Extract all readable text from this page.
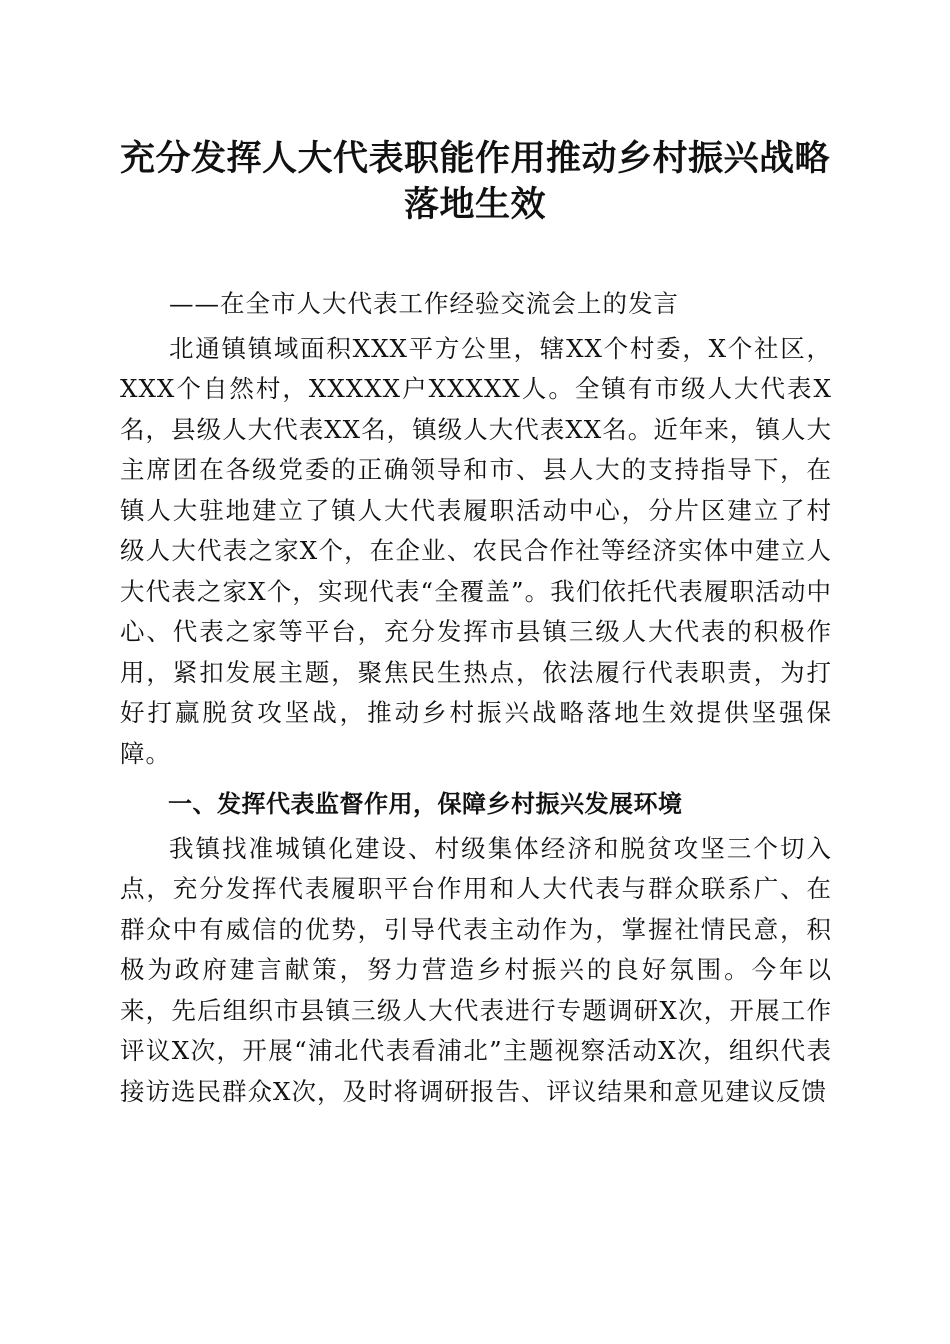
充分发挥人大代表职能作用推动乡村振兴战略
落地生效

——在全市人大代表工作经验交流会上的发言

北通镇镇域面积XXX平方公里，辖XX个村委，X个社区，XXX个自然村，XXXXX户XXXXX人。全镇有市级人大代表X名，县级人大代表XX名，镇级人大代表XX名。近年来，镇人大主席团在各级党委的正确领导和市、县人大的支持指导下，在镇人大驻地建立了镇人大代表履职活动中心，分片区建立了村级人大代表之家X个，在企业、农民合作社等经济实体中建立人大代表之家X个，实现代表“全覆盖”。我们依托代表履职活动中心、代表之家等平台，充分发挥市县镇三级人大代表的积极作用，紧扣发展主题，聚焦民生热点，依法履行代表职责，为打好打赢脱贫攻坚战，推动乡村振兴战略落地生效提供坚强保障。

一、发挥代表监督作用，保障乡村振兴发展环境

我镇找准城镇化建设、村级集体经济和脱贫攻坚三个切入点，充分发挥代表履职平台作用和人大代表与群众联系广、在群众中有威信的优势，引导代表主动作为，掌握社情民意，积极为政府建言献策，努力营造乡村振兴的良好氛围。今年以来，先后组织市县镇三级人大代表进行专题调研X次，开展工作评议X次，开展“浦北代表看浦北”主题视察活动X次，组织代表接访选民群众X次，及时将调研报告、评议结果和意见建议反馈
